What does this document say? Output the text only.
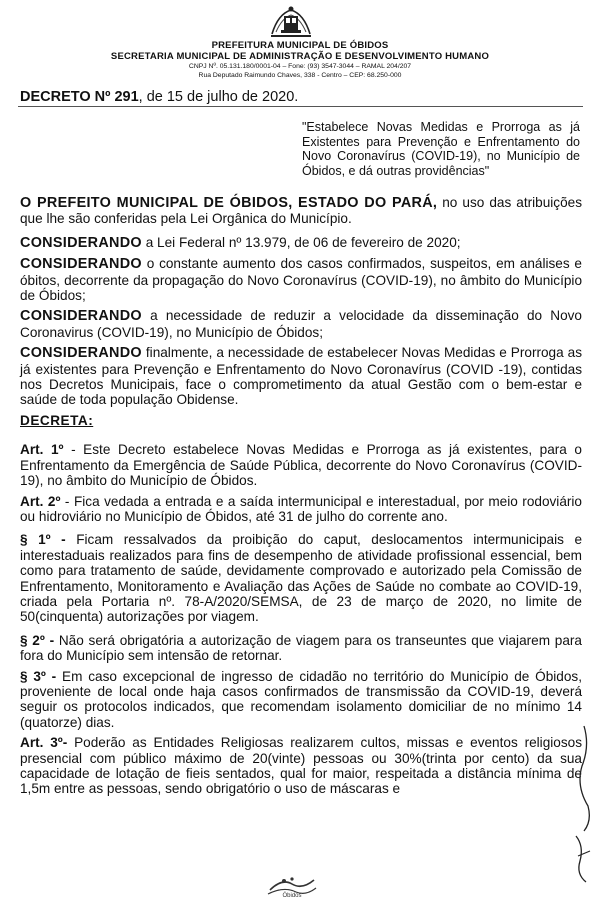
PREFEITURA MUNICIPAL DE ÓBIDOS
SECRETARIA MUNICIPAL DE ADMINISTRAÇÃO E DESENVOLVIMENTO HUMANO
CNPJ Nº. 05.131.180/0001-04 – Fone: (93) 3547-3044 – RAMAL 204/207
Rua Deputado Raimundo Chaves, 338 - Centro – CEP: 68.250-000
DECRETO Nº 291, de 15 de julho de 2020.
"Estabelece Novas Medidas e Prorroga as já Existentes para Prevenção e Enfrentamento do Novo Coronavírus (COVID-19), no Município de Óbidos, e dá outras providências"

O PREFEITO MUNICIPAL DE ÓBIDOS, ESTADO DO PARÁ, no uso das atribuições que lhe são conferidas pela Lei Orgânica do Município.

CONSIDERANDO a Lei Federal nº 13.979, de 06 de fevereiro de 2020;

CONSIDERANDO o constante aumento dos casos confirmados, suspeitos, em análises e óbitos, decorrente da propagação do Novo Coronavírus (COVID-19), no âmbito do Município de Óbidos;

CONSIDERANDO a necessidade de reduzir a velocidade da disseminação do Novo Coronavirus (COVID-19), no Município de Óbidos;

CONSIDERANDO finalmente, a necessidade de estabelecer Novas Medidas e Prorroga as já existentes para Prevenção e Enfrentamento do Novo Coronavírus (COVID -19), contidas nos Decretos Municipais, face o comprometimento da atual Gestão com o bem-estar e saúde de toda população Obidense.

DECRETA:

Art. 1º - Este Decreto estabelece Novas Medidas e Prorroga as já existentes, para o Enfrentamento da Emergência de Saúde Pública, decorrente do Novo Coronavírus (COVID-19), no âmbito do Município de Óbidos.

Art. 2º - Fica vedada a entrada e a saída intermunicipal e interestadual, por meio rodoviário ou hidroviário no Município de Óbidos, até 31 de julho do corrente ano.

§ 1º - Ficam ressalvados da proibição do caput, deslocamentos intermunicipais e interestaduais realizados para fins de desempenho de atividade profissional essencial, bem como para tratamento de saúde, devidamente comprovado e autorizado pela Comissão de Enfrentamento, Monitoramento e Avaliação das Ações de Saúde no combate ao COVID-19, criada pela Portaria nº. 78-A/2020/SEMSA, de 23 de março de 2020, no limite de 50(cinquenta) autorizações por viagem.

§ 2º - Não será obrigatória a autorização de viagem para os transeuntes que viajarem para fora do Município sem intensão de retornar.

§ 3º - Em caso excepcional de ingresso de cidadão no território do Município de Óbidos, proveniente de local onde haja casos confirmados de transmissão da COVID-19, deverá seguir os protocolos indicados, que recomendam isolamento domiciliar de no mínimo 14 (quatorze) dias.

Art. 3º- Poderão as Entidades Religiosas realizarem cultos, missas e eventos religiosos presencial com público máximo de 20(vinte) pessoas ou 30%(trinta por cento) da sua capacidade de lotação de fieis sentados, qual for maior, respeitada a distância mínima de 1,5m entre as pessoas, sendo obrigatório o uso de máscaras e

Óbidos
